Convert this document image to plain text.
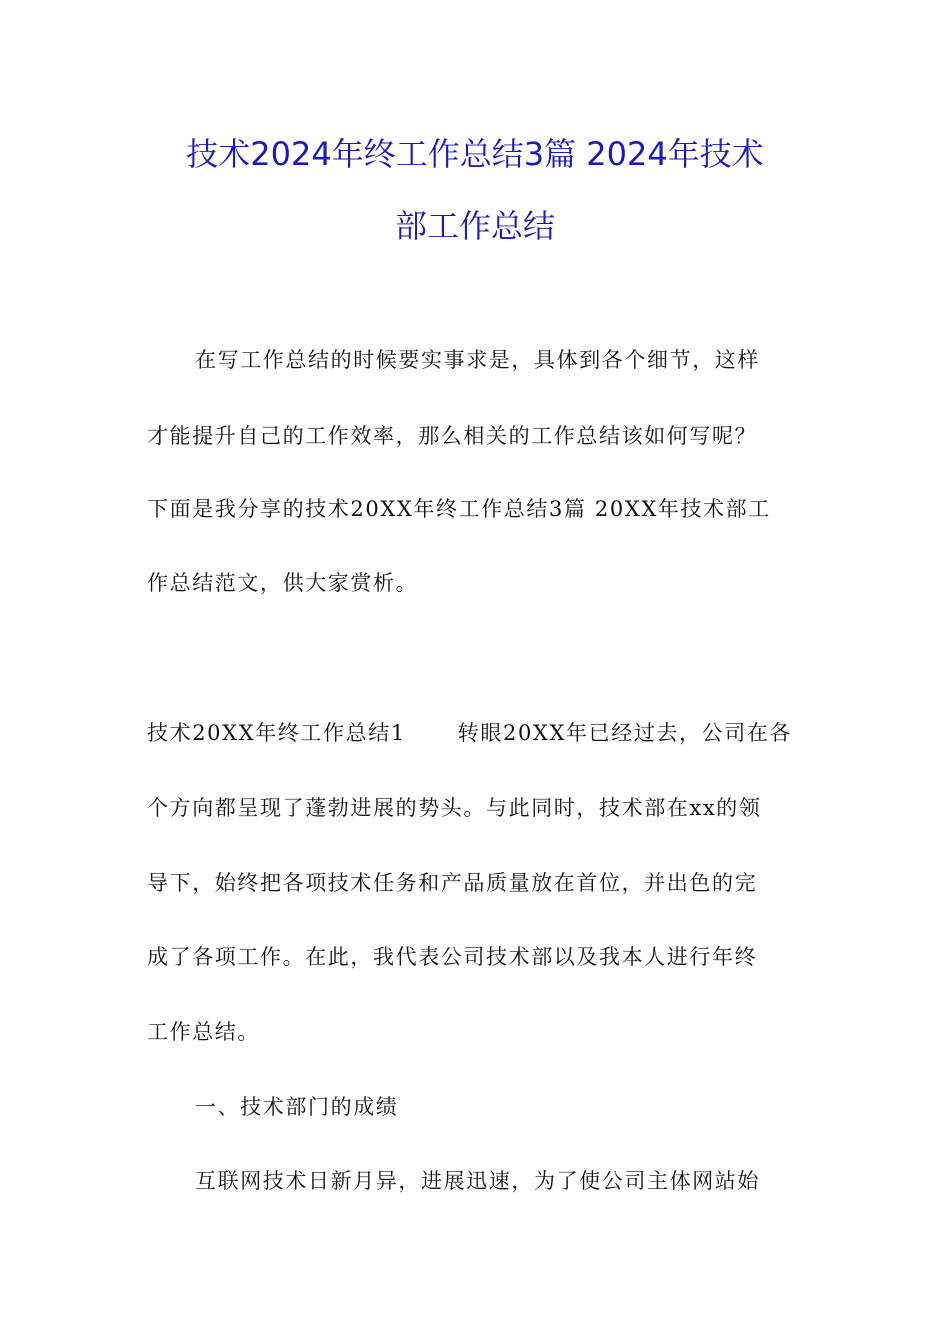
技术2024年终工作总结3篇 2024年技术
部工作总结
在写工作总结的时候要实事求是，具体到各个细节，这样
才能提升自己的工作效率，那么相关的工作总结该如何写呢？
下面是我分享的技术20XX年终工作总结3篇 20XX年技术部工
作总结范文，供大家赏析。
技术20XX年终工作总结1 转眼20XX年已经过去，公司在各
个方向都呈现了蓬勃进展的势头。与此同时，技术部在xx的领
导下，始终把各项技术任务和产品质量放在首位，并出色的完
成了各项工作。在此，我代表公司技术部以及我本人进行年终
工作总结。
一、技术部门的成绩
互联网技术日新月异，进展迅速，为了使公司主体网站始
